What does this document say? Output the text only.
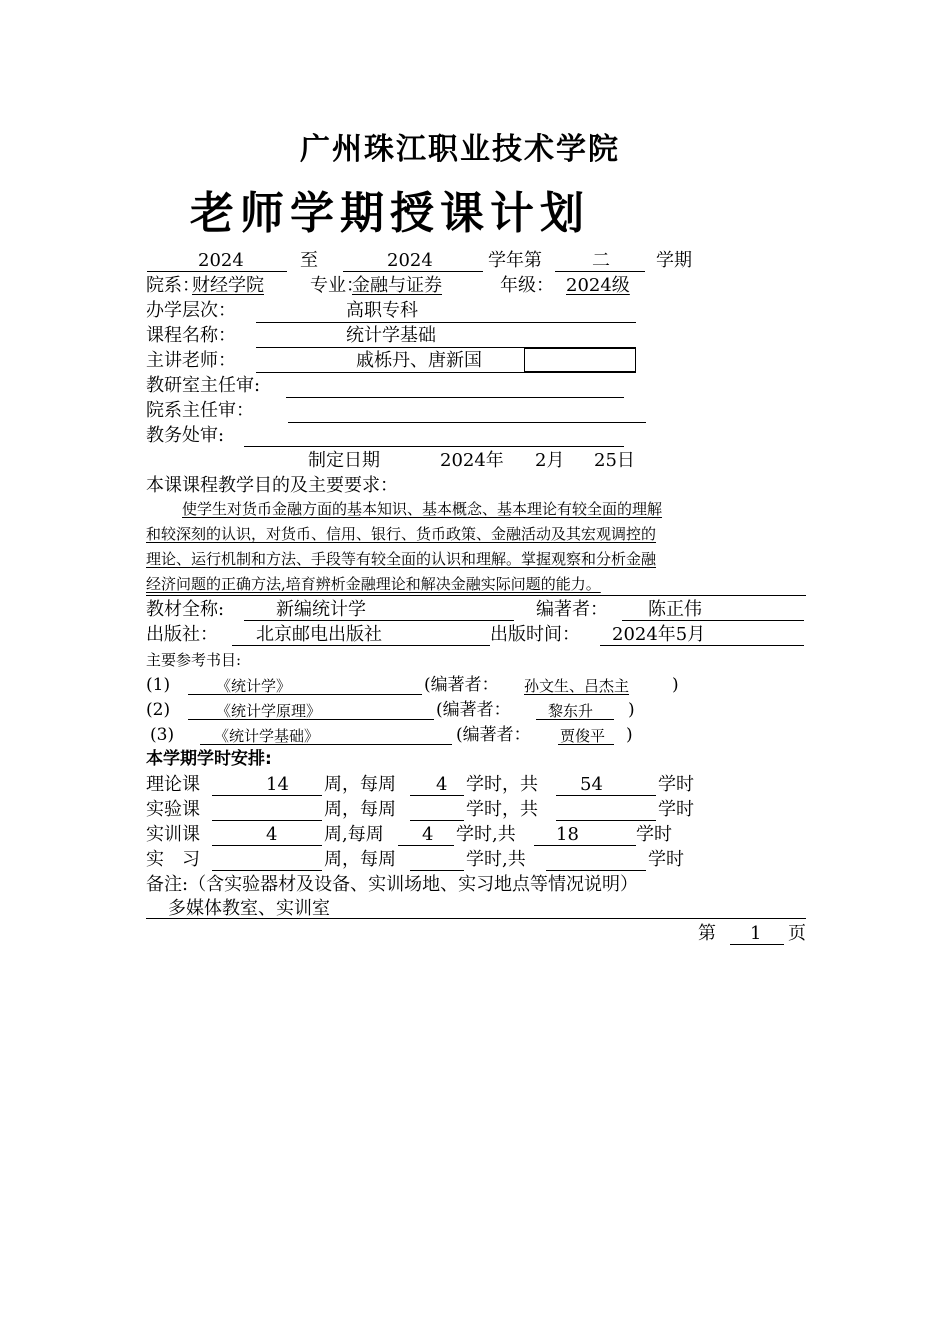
广州珠江职业技术学院
老师学期授课计划
2024	至	2024	学年第	二	学期
院系：
财经学院	专业：
金融与证券	年级： 2024级
办学层次：	高职专科
课程名称：	统计学基础
主讲老师：	戚栎丹、唐新国
教研室主任审:
院系主任审：
教务处审:
制定日期	2024年 2月 25日
本课课程教学目的及主要要求：
使学生对货币金融方面的基本知识、基本概念、基本理论有较全面的理解
和较深刻的认识，对货币、信用、银行、货币政策、金融活动及其宏观调控的
理论、运行机制和方法、手段等有较全面的认识和理解。掌握观察和分析金融
经济问题的正确方法,培育辨析金融理论和解决金融实际问题的能力。
教材全称:	新编统计学	编著者： 陈正伟
出版社： 北京邮电出版社	出版时间： 2024年5月
主要参考书目:
(1)	《统计学》	(编著者： 孙文生、吕杰主	)
(2)	《统计学原理》	(编著者： 黎东升 )
(3)	《统计学基础》	(编著者： 贾俊平 )
本学期学时安排:
理论课	14 周，每周 4 学时，共 54	学时
实验课	周，每周	学时，共	学时
实训课	4	周,每周 4 学时,共 18	学时
实　习	周，每周	学时,共	学时
备注:（含实验器材及设备、实训场地、实习地点等情况说明）
多媒体教室、实训室
第 1 页
